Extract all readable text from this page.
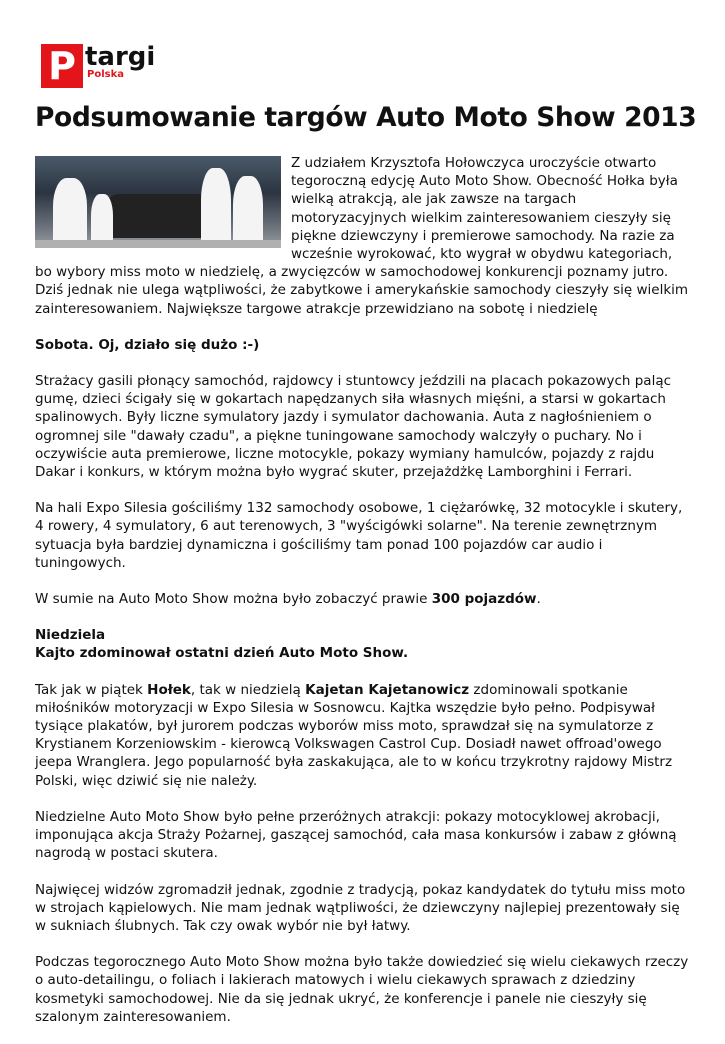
P targi
Polska
Podsumowanie targów Auto Moto Show 2013

Z udziałem Krzysztofa Hołowczyca uroczyście otwarto tegoroczną edycję Auto Moto Show. Obecność Hołka była wielką atrakcją, ale jak zawsze na targach motoryzacyjnych wielkim zainteresowaniem cieszyły się piękne dziewczyny i premierowe samochody. Na razie za wcześnie wyrokować, kto wygrał w obydwu kategoriach, bo wybory miss moto w niedzielę, a zwycięzców w samochodowej konkurencji poznamy jutro. Dziś jednak nie ulega wątpliwości, że zabytkowe i amerykańskie samochody cieszyły się wielkim zainteresowaniem. Największe targowe atrakcje przewidziano na sobotę i niedzielę

Sobota. Oj, działo się dużo :-)

Strażacy gasili płonący samochód, rajdowcy i stuntowcy jeździli na placach pokazowych paląc gumę, dzieci ścigały się w gokartach napędzanych siła własnych mięśni, a starsi w gokartach spalinowych. Były liczne symulatory jazdy i symulator dachowania. Auta z nagłośnieniem o ogromnej sile "dawały czadu", a piękne tuningowane samochody walczyły o puchary. No i oczywiście auta premierowe, liczne motocykle, pokazy wymiany hamulców, pojazdy z rajdu Dakar i konkurs, w którym można było wygrać skuter, przejażdżkę Lamborghini i Ferrari.

Na hali Expo Silesia gościliśmy 132 samochody osobowe, 1 ciężarówkę, 32 motocykle i skutery, 4 rowery, 4 symulatory, 6 aut terenowych, 3 "wyścigówki solarne". Na terenie zewnętrznym sytuacja była bardziej dynamiczna i gościliśmy tam ponad 100 pojazdów car audio i tuningowych.

W sumie na Auto Moto Show można było zobaczyć prawie 300 pojazdów.

Niedziela
Kajto zdominował ostatni dzień Auto Moto Show.

Tak jak w piątek Hołek, tak w niedzielą Kajetan Kajetanowicz zdominowali spotkanie miłośników motoryzacji w Expo Silesia w Sosnowcu. Kajtka wszędzie było pełno. Podpisywał tysiące plakatów, był jurorem podczas wyborów miss moto, sprawdzał się na symulatorze z Krystianem Korzeniowskim - kierowcą Volkswagen Castrol Cup. Dosiadł nawet offroad'owego jeepa Wranglera. Jego popularność była zaskakująca, ale to w końcu trzykrotny rajdowy Mistrz Polski, więc dziwić się nie należy.

Niedzielne Auto Moto Show było pełne przeróżnych atrakcji: pokazy motocyklowej akrobacji, imponująca akcja Straży Pożarnej, gaszącej samochód, cała masa konkursów i zabaw z główną nagrodą w postaci skutera.

Najwięcej widzów zgromadził jednak, zgodnie z tradycją, pokaz kandydatek do tytułu miss moto w strojach kąpielowych. Nie mam jednak wątpliwości, że dziewczyny najlepiej prezentowały się w sukniach ślubnych. Tak czy owak wybór nie był łatwy.

Podczas tegorocznego Auto Moto Show można było także dowiedzieć się wielu ciekawych rzeczy o auto-detailingu, o foliach i lakierach matowych i wielu ciekawych sprawach z dziedziny kosmetyki samochodowej. Nie da się jednak ukryć, że konferencje i panele nie cieszyły się szalonym zainteresowaniem.
